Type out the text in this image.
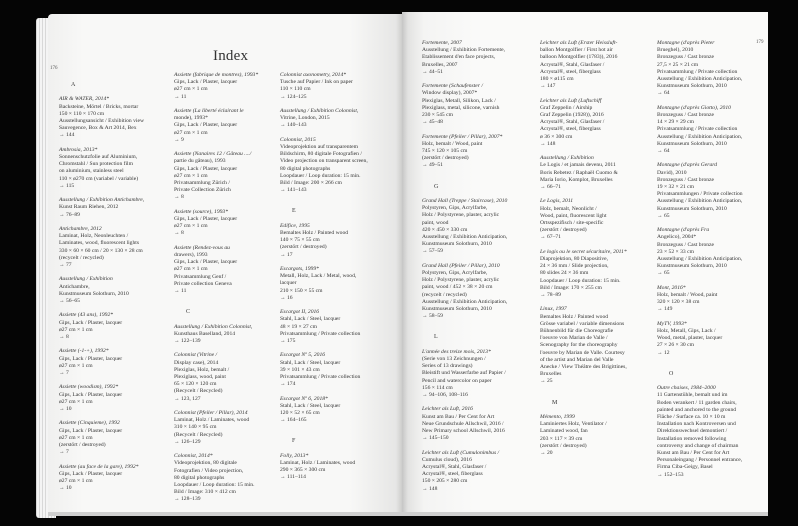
176
Index
A
AIR & WATER, 2014*
Backsteine, Mörtel / Bricks, mortar
150 × 110 × 170 cm
Ausstellungsansicht / Exhibition view
Sauvegence, Box & Art 2014, Bex
→ 144
Ambrosia, 2013*
Sonnenschutzfolie auf Aluminium,
Chromstahl / Sun protection film
on aluminium, stainless steel
110 × ø270 cm (variabel / variable)
→ 115
Ausstellung / Exhibition Antichambre,
Kunst Raum Riehen, 2012
→ 76–89
Antichambre, 2012
Laminat, Holz, Neonleuchten /
Laminates, wood, fluorescent lights
330 × 60 × 60 cm / 20 × 130 × 28 cm
(recycelt / recycled)
→ 77
Ausstellung / Exhibition
Antichambre,
Kunstmuseum Solothurn, 2010
→ 56–65
Assiette (43 ans), 1992*
Gips, Lack / Plaster, lacquer
ø27 cm × 1 cm
→ 8
Assiette (-1-+), 1992*
Gips, Lack / Plaster, lacquer
ø27 cm × 1 cm
→ 7
Assiette (woodism), 1992*
Gips, Lack / Plaster, lacquer
ø27 cm × 1 cm
→ 10
Assiette (Cinquieme), 1992
Gips, Lack / Plaster, lacquer
ø27 cm × 1 cm
(zerstört / destroyed)
→ 7
Assiette (au face de la gare), 1992*
Gips, Lack / Plaster, lacquer
ø27 cm × 1 cm
→ 10
Assiette (fabrique de montres), 1993*
Gips, Lack / Plaster, lacquer
ø27 cm × 1 cm
→ 11
Assiette (La liberté éclairant le
monde), 1993*
Gips, Lack / Plaster, lacquer
ø27 cm × 1 cm
→ 9
Assiette (Nanaires 12 / Gâteau ..../
partie du gâteau), 1993
Gips, Lack / Plaster, lacquer
ø27 cm × 1 cm
Privatsammlung Zürich /
Private Collection Zürich
→ 8
Assiette (source), 1993*
Gips, Lack / Plaster, lacquer
ø27 cm × 1 cm
→ 8
Assiette (Rendez-vous au
drawers), 1993
Gips, Lack / Plaster, lacquer
ø27 cm × 1 cm
Privatsammlung Genf /
Private collection Geneva
→ 11
C
Ausstellung / Exhibition Colonnist,
Kunsthaus Baselland, 2014
→ 122–139
Colonnist (Vitrine /
Display case), 2014
Plexiglas, Holz, bemalt /
Plexiglass, wood, paint
65 × 120 × 120 cm
(Recycelt / Recycled)
→ 123, 127
Colonnist (Pfeiler / Pillar), 2014
Laminat, Holz / Laminates, wood
310 × 140 × 95 cm
(Recycelt / Recycled)
→ 126–129
Colonnist, 2014*
Videoprojektion, 80 digitale
Fotografien / Video projection,
80 digital photographs
Loopdauer / Loop duration: 15 min.
Bild / Image: 310 × 412 cm
→ 128–139
Colonnist axonometry, 2014*
Tusche auf Papier / Ink on paper
110 × 110 cm
→ 124–125
Ausstellung / Exhibition Colonnist,
Vitrine, London, 2015
→ 140–143
Colonnist, 2015
Videoprojektion auf transparentem
Bildschirm, 80 digitale Fotografien /
Video projection on transparent screen,
80 digital photographs
Loopdauer / Loop duration: 15 min.
Bild / Image: 200 × 266 cm
→ 141–143
E
Edifice, 1995
Bemaltes Holz / Painted wood
140 × 75 × 55 cm
(zerstört / destroyed)
→ 17
Escargots, 1999*
Metall, Holz, Lack / Metal, wood,
lacquer
210 × 150 × 55 cm
→ 16
Escargot II, 2016
Stahl, Lack / Steel, lacquer
48 × 19 × 27 cm
Privatsammlung / Private collection
→ 175
Escargot Nº 5, 2016
Stahl, Lack / Steel, lacquer
39 × 101 × 43 cm
Privatsammlung / Private collection
→ 174
Escargot Nº 6, 2018*
Stahl, Lack / Steel, lacquer
120 × 52 × 65 cm
→ 164–165
F
Folly, 2013*
Laminat, Holz / Laminates, wood
290 × 365 × 300 cm
→ 111–114
179
Fortemente, 2007
Ausstellung / Exhibition Fortemente,
Etablissement d'en face projects,
Bruxelles, 2007
→ 44–51
Fortemente (Schaufenster /
Window display), 2007*
Plexiglas, Metall, Silikon, Lack /
Plexiglass, metal, silicone, varnish
230 × 545 cm
→ 45–48
Fortemente (Pfeiler / Pillar), 2007*
Holz, bemalt / Wood, paint
745 × 120 × 105 cm
(zerstört / destroyed)
→ 49–51
G
Grand Hall (Treppe / Staircase), 2010
Polystyren, Gips, Acrylfarbe,
Holz / Polystyrene, plaster, acrylic
paint, wood
420 × 450 × 330 cm
Ausstellung / Exhibition Anticipation,
Kunstmuseum Solothurn, 2010
→ 57–59
Grand Hall (Pfeiler / Pillar), 2010
Polystyren, Gips, Acrylfarbe,
Holz / Polystyrene, plaster, acrylic
paint, wood / 452 × 38 × 20 cm
(recycelt / recycled)
Ausstellung / Exhibition Anticipation,
Kunstmuseum Solothurn, 2010
→ 58–59
L
L'année des treize mois, 2013*
(Serie von 13 Zeichnungen /
Series of 13 drawings)
Bleistift und Wasserfarbe auf Papier /
Pencil and watercolor on paper
156 × 114 cm
→ 94–106, 108–116
Leichter als Luft, 2016
Kunst am Bau / Per Cent for Art
Neue Grundschule Allschwil, 2016 /
New Primary school Allschwil, 2016
→ 145–150
Leichter als Luft (Cumulonimbus /
Cumulus cloud), 2016
Acrystal®, Stahl, Glasfaser /
Acrystal®, steel, fiberglass
150 × 205 × 280 cm
→ 148
Leichter als Luft (Erster Heissluft-
ballon Montgolfier / First hot air
balloon Montgolfier (1783)), 2016
Acrystal®, Stahl, Glasfaser /
Acrystal®, steel, fiberglass
180 × ø115 cm
→ 147
Leichter als Luft (Luftschiff
Graf Zeppelin / Airship
Graf Zeppelin (1928)), 2016
Acrystal®, Stahl, Glasfaser /
Acrystal®, steel, fiberglass
ø 36 × 300 cm
→ 148
Ausstellung / Exhibition
Le Logis / et jamais devenu, 2011
Boris Rebetez / Raphaël Cuomo &
Maria Iorio, Komplot, Bruxelles
→ 66–71
Le Logis, 2011
Holz, bemalt, Neonlicht /
Wood, paint, fluorescent light
Ortsspezifisch / site-specific
(zerstört / destroyed)
→ 67–71
Le logis ou le secret sécuritaire, 2011*
Diaprojektion, 80 Diapositive,
24 × 36 mm / Slide projection,
80 slides 24 × 36 mm
Loopdauer / Loop duration: 15 min.
Bild / Image: 170 × 255 cm
→ 78–89
Linux, 1997
Bemaltes Holz / Painted wood
Grösse variabel / variable dimensions
Bühnenbild für die Choreografie
l'oeuvre von Marian de Valle /
Scenography for the choreography
l'oeuvre by Marian de Valle. Courtesy
of the artist and Marian del Valle
Anecke / View Théâtre des Brigittines,
Bruxelles
→ 25
M
Mémento, 1999
Laminiertes Holz, Ventilator /
Laminated wood, fan
203 × 117 × 39 cm
(zerstört / destroyed)
→ 20
Montagne (d'après Pieter
Brueghel), 2010
Bronzeguss / Cast bronze
27,5 × 25 × 21 cm
Privatsammlung / Private collection
Ausstellung / Exhibition Anticipation,
Kunstmuseum Solothurn, 2010
→ 64
Montagne (d'après Giotto), 2010
Bronzeguss / Cast bronze
14 × 29 × 29 cm
Privatsammlung / Private collection
Ausstellung / Exhibition Anticipation,
Kunstmuseum Solothurn, 2010
→ 64
Montagne (d'après Gerard
David), 2010
Bronzeguss / Cast bronze
19 × 32 × 21 cm
Privatsammlungen / Private collection
Ausstellung / Exhibition Anticipation,
Kunstmuseum Solothurn, 2010
→ 65
Montagne (d'après Fra
Angelico), 2004*
Bronzeguss / Cast bronze
23 × 52 × 33 cm
Ausstellung / Exhibition Anticipation,
Kunstmuseum Solothurn, 2010
→ 65
Mont, 2016*
Holz, bemalt / Wood, paint
320 × 120 × 38 cm
→ 149
MyTV, 1993*
Holz, Metall, Gips, Lack /
Wood, metal, plaster, lacquer
27 × 26 × 30 cm
→ 12
O
Outre chaises, 1984–2000
11 Gartenstühle, bemalt und im
Boden verankert / 11 garden chairs,
painted and anchored to the ground
Fläche / Surface ca. 10 × 10 m
Installation nach Kontroversen und
Direktionswechsel demontiert /
Installation removed following
controversy and change of chairman
Kunst am Bau / Per Cent for Art
Personaleingang / Personnel entrance,
Firma Ciba-Geigy, Basel
→ 152–153
